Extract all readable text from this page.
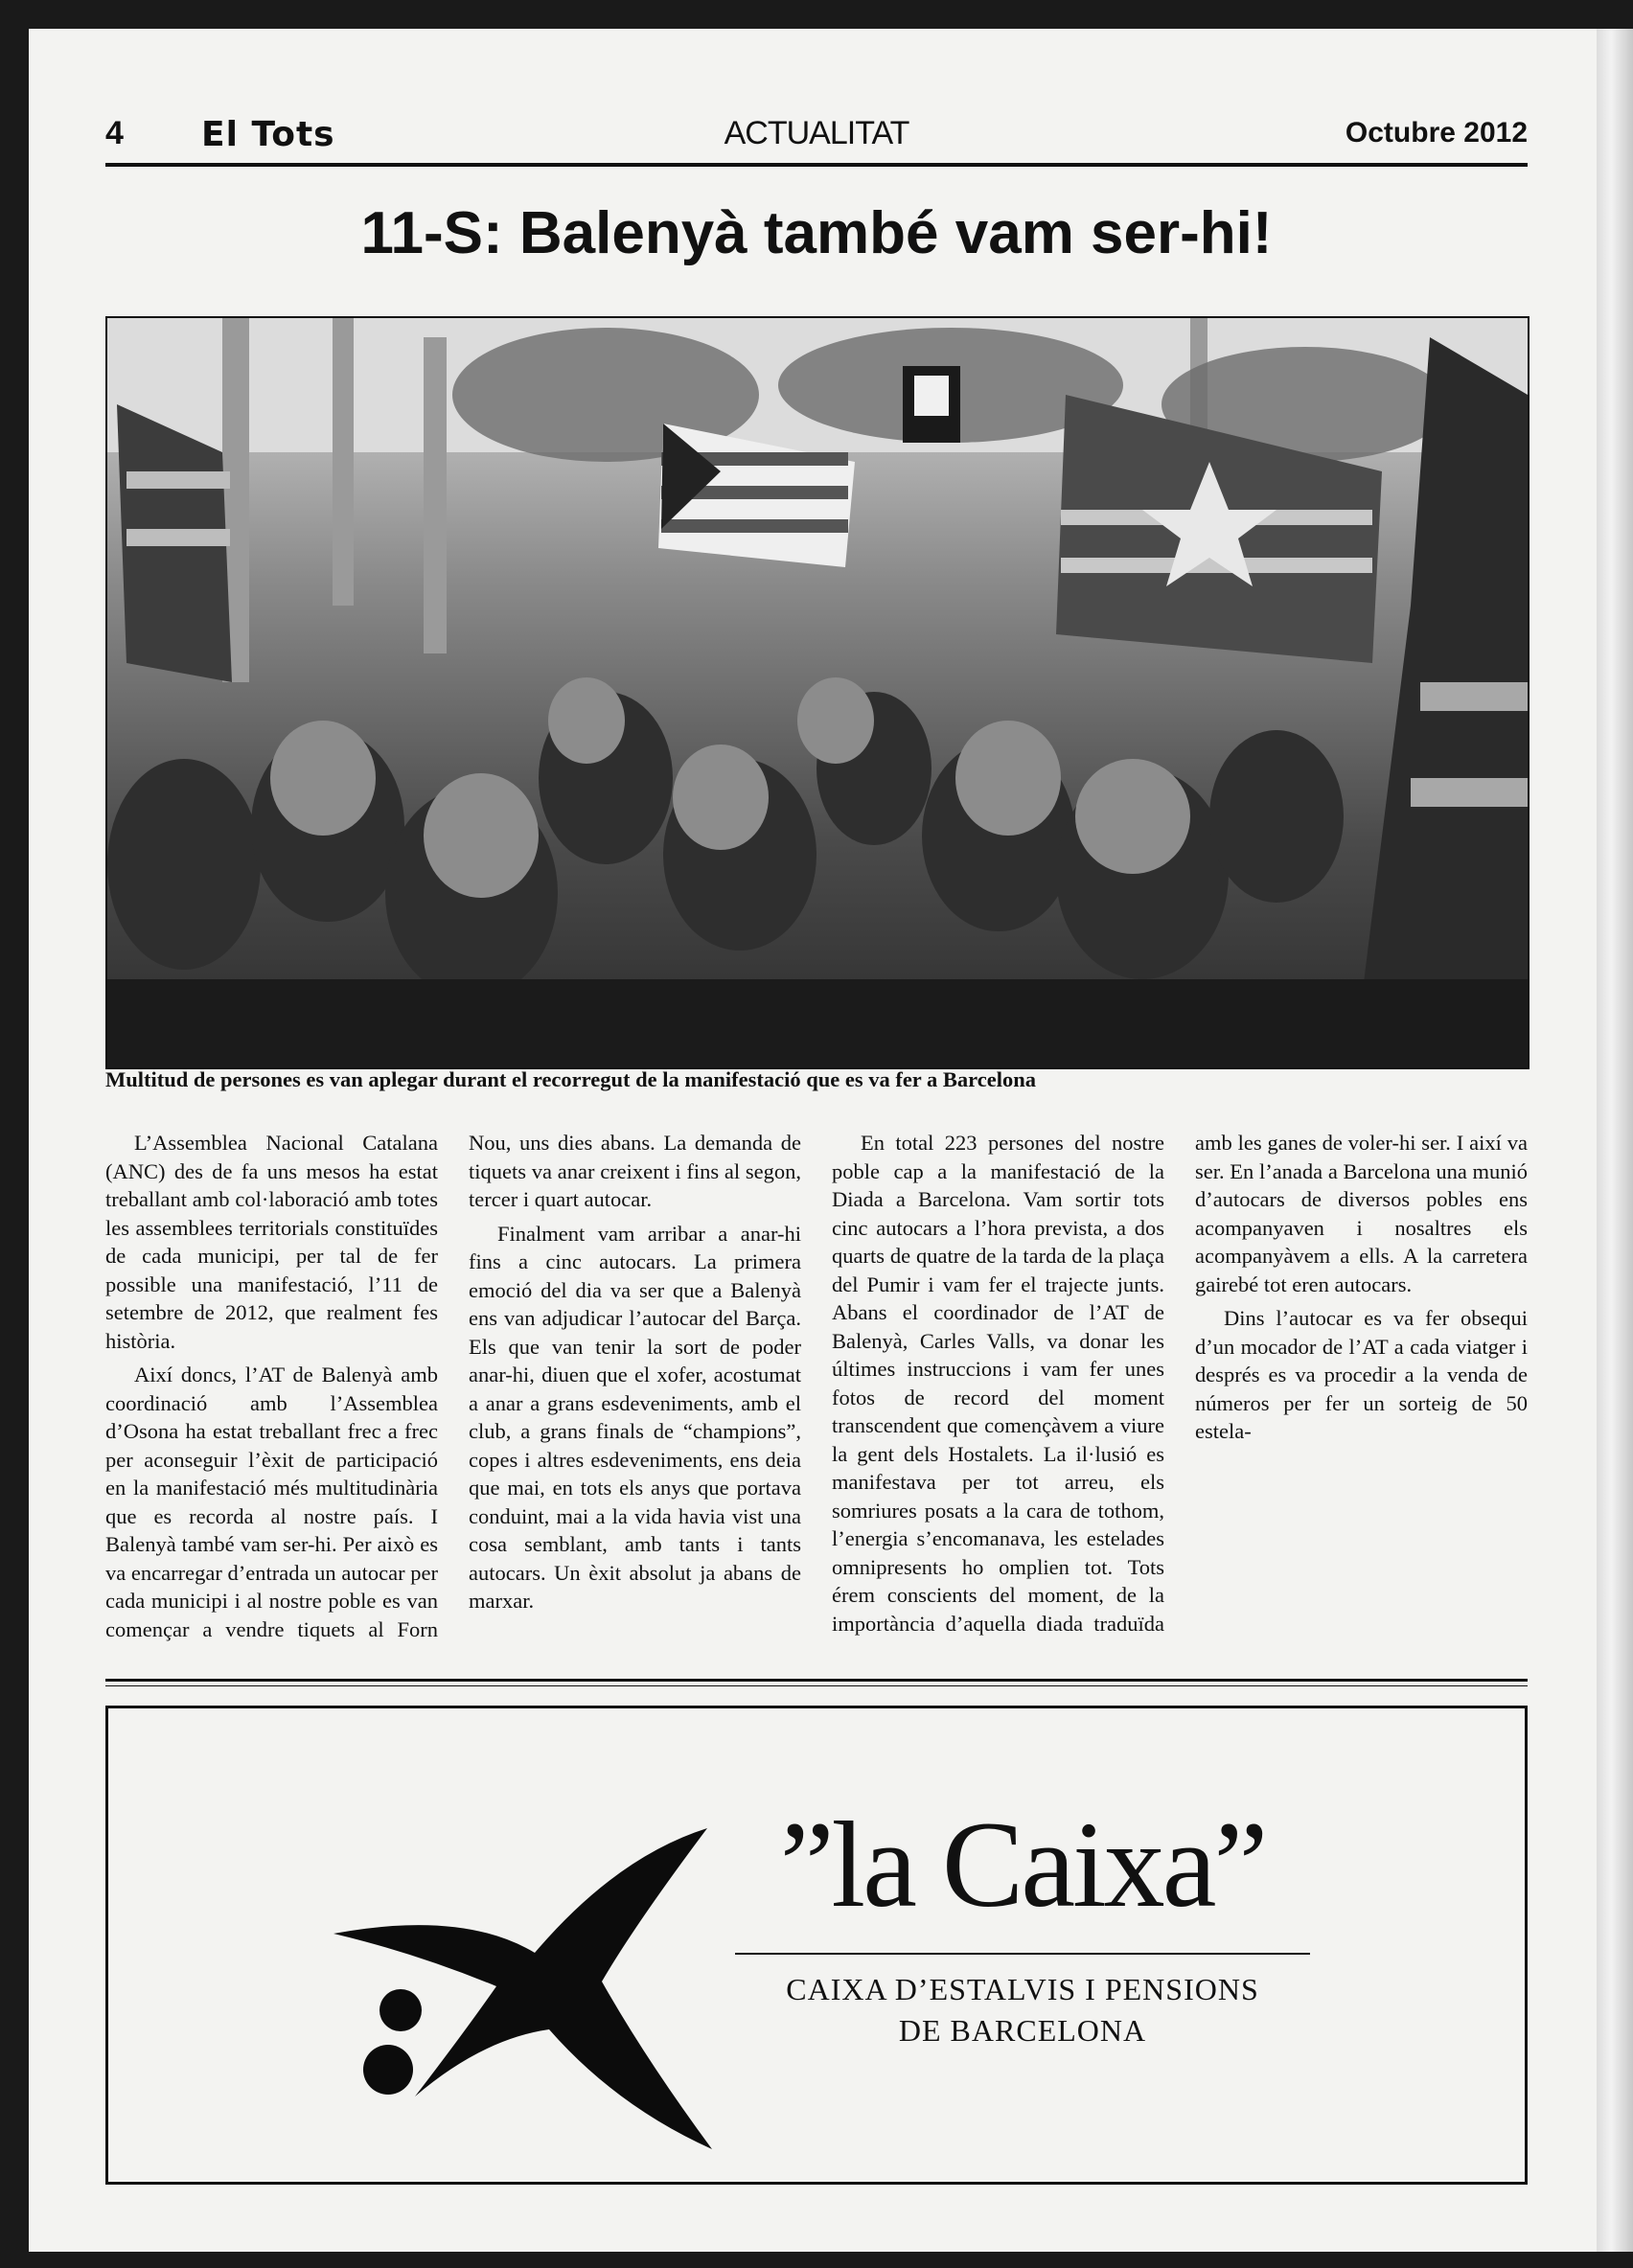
4 El Tots	ACTUALITAT	Octubre 2012
11-S: Balenyà també vam ser-hi!
Multitud de persones es van aplegar durant el recorregut de la manifestació que es va fer a Barcelona

L’Assemblea Nacional Catalana (ANC) des de fa uns mesos ha estat treballant amb col·laboració amb totes les assemblees territorials constituïdes de cada municipi, per tal de fer possible una manifestació, l’11 de setembre de 2012, que realment fes història.

Així doncs, l’AT de Balenyà amb coordinació amb l’Assemblea d’Osona ha estat treballant frec a frec per aconseguir l’èxit de participació en la manifestació més multitudinària que es recorda al nostre país. I Balenyà també vam ser-hi. Per això es va encarregar d’entrada un autocar per cada municipi i al nostre poble es van començar a vendre tiquets al Forn Nou, uns dies abans. La demanda de tiquets va anar creixent i fins al segon, tercer i quart autocar.

Finalment vam arribar a anar-hi fins a cinc autocars. La primera emoció del dia va ser que a Balenyà ens van adjudicar l’autocar del Barça. Els que van tenir la sort de poder anar-hi, diuen que el xofer, acostumat a anar a grans esdeveniments, amb el club, a grans finals de “champions”, copes i altres esdeveniments, ens deia que mai, en tots els anys que portava conduint, mai a la vida havia vist una cosa semblant, amb tants i tants autocars. Un èxit absolut ja abans de marxar.

En total 223 persones del nostre poble cap a la manifestació de la Diada a Barcelona. Vam sortir tots cinc autocars a l’hora prevista, a dos quarts de quatre de la tarda de la plaça del Pumir i vam fer el trajecte junts. Abans el coordinador de l’AT de Balenyà, Carles Valls, va donar les últimes instruccions i vam fer unes fotos de record del moment transcendent que començàvem a viure la gent dels Hostalets. La il·lusió es manifestava per tot arreu, els somriures posats a la cara de tothom, l’energia s’encomanava, les estelades omnipresents ho omplien tot. Tots érem conscients del moment, de la importància d’aquella diada traduïda amb les ganes de voler-hi ser. I així va ser. En l’anada a Barcelona una munió d’autocars de diversos pobles ens acompanyaven i nosaltres els acompanyàvem a ells. A la carretera gairebé tot eren autocars.

Dins l’autocar es va fer obsequi d’un mocador de l’AT a cada viatger i després es va procedir a la venda de números per fer un sorteig de 50 estela-

”la Caixa”
CAIXA D’ESTALVIS I PENSIONS
DE BARCELONA
